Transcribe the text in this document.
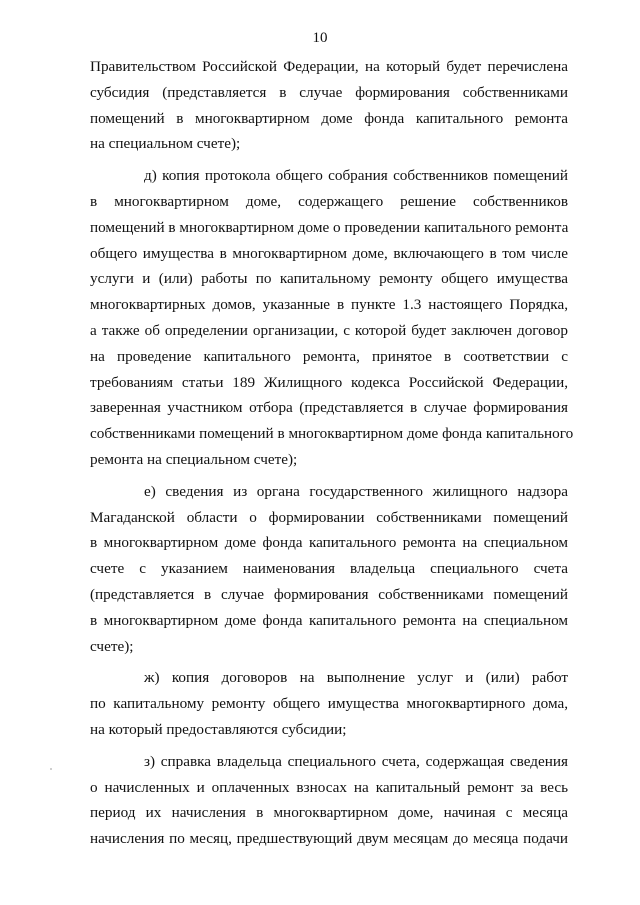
10

Правительством Российской Федерации, на который будет перечислена
субсидия (представляется в случае формирования собственниками
помещений в многоквартирном доме фонда капитального ремонта
на специальном счете);

д) копия протокола общего собрания собственников помещений
в многоквартирном доме, содержащего решение собственников
помещений в многоквартирном доме о проведении капитального ремонта
общего имущества в многоквартирном доме, включающего в том числе
услуги и (или) работы по капитальному ремонту общего имущества
многоквартирных домов, указанные в пункте 1.3 настоящего Порядка,
а также об определении организации, с которой будет заключен договор
на проведение капитального ремонта, принятое в соответствии с
требованиям статьи 189 Жилищного кодекса Российской Федерации,
заверенная участником отбора (представляется в случае формирования
собственниками помещений в многоквартирном доме фонда капитального
ремонта на специальном счете);

е) сведения из органа государственного жилищного надзора
Магаданской области о формировании собственниками помещений
в многоквартирном доме фонда капитального ремонта на специальном
счете с указанием наименования владельца специального счета
(представляется в случае формирования собственниками помещений
в многоквартирном доме фонда капитального ремонта на специальном
счете);

ж) копия договоров на выполнение услуг и (или) работ
по капитальному ремонту общего имущества многоквартирного дома,
на который предоставляются субсидии;

з) справка владельца специального счета, содержащая сведения
о начисленных и оплаченных взносах на капитальный ремонт за весь
период их начисления в многоквартирном доме, начиная с месяца
начисления по месяц, предшествующий двум месяцам до месяца подачи
